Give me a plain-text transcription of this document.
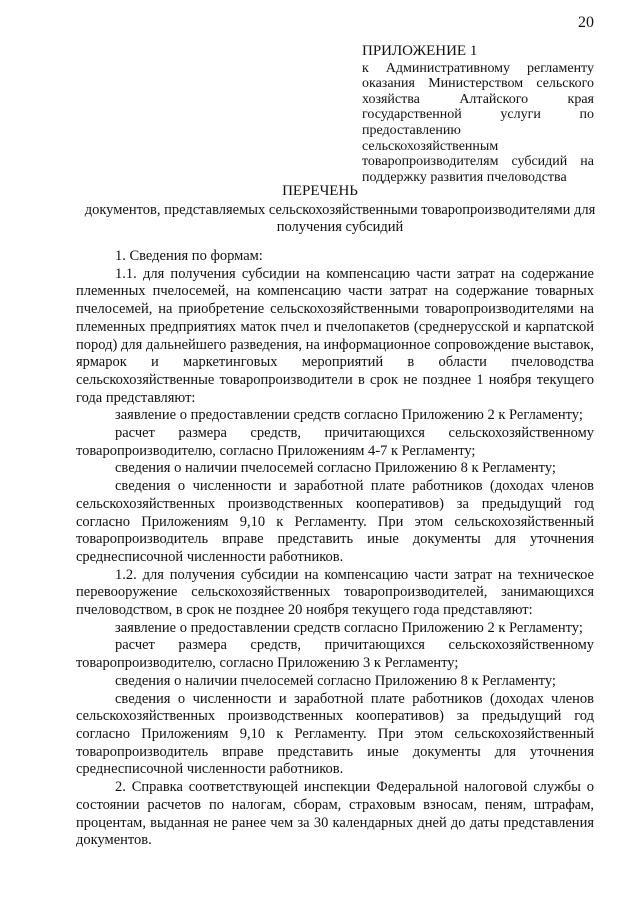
20
ПРИЛОЖЕНИЕ 1
к Административному регламенту оказания Министерством сельского хозяйства Алтайского края государственной услуги по предоставлению сельскохозяйственным товаропроизводителям субсидий на поддержку развития пчеловодства
ПЕРЕЧЕНЬ
документов, представляемых сельскохозяйственными товаропроизводителями для получения субсидий

1. Сведения по формам:

1.1. для получения субсидии на компенсацию части затрат на содержание племенных пчелосемей, на компенсацию части затрат на содержание товарных пчелосемей, на приобретение сельскохозяйственными товаропроизводителями на племенных предприятиях маток пчел и пчелопакетов (среднерусской и карпатской пород) для дальнейшего разведения, на информационное сопровождение выставок, ярмарок и маркетинговых мероприятий в области пчеловодства сельскохозяйственные товаропроизводители в срок не позднее 1 ноября текущего года представляют:

заявление о предоставлении средств согласно Приложению 2 к Регламенту;

расчет размера средств, причитающихся сельскохозяйственному товаропроизводителю, согласно Приложениям 4-7 к Регламенту;

сведения о наличии пчелосемей согласно Приложению 8 к Регламенту;

сведения о численности и заработной плате работников (доходах членов сельскохозяйственных производственных кооперативов) за предыдущий год согласно Приложениям 9,10 к Регламенту. При этом сельскохозяйственный товаропроизводитель вправе представить иные документы для уточнения среднесписочной численности работников.

1.2. для получения субсидии на компенсацию части затрат на техническое перевооружение сельскохозяйственных товаропроизводителей, занимающихся пчеловодством, в срок не позднее 20 ноября текущего года представляют:

заявление о предоставлении средств согласно Приложению 2 к Регламенту;

расчет размера средств, причитающихся сельскохозяйственному товаропроизводителю, согласно Приложению 3 к Регламенту;

сведения о наличии пчелосемей согласно Приложению 8 к Регламенту;

сведения о численности и заработной плате работников (доходах членов сельскохозяйственных производственных кооперативов) за предыдущий год согласно Приложениям 9,10 к Регламенту. При этом сельскохозяйственный товаропроизводитель вправе представить иные документы для уточнения среднесписочной численности работников.

2. Справка соответствующей инспекции Федеральной налоговой службы о состоянии расчетов по налогам, сборам, страховым взносам, пеням, штрафам, процентам, выданная не ранее чем за 30 календарных дней до даты представления документов.
